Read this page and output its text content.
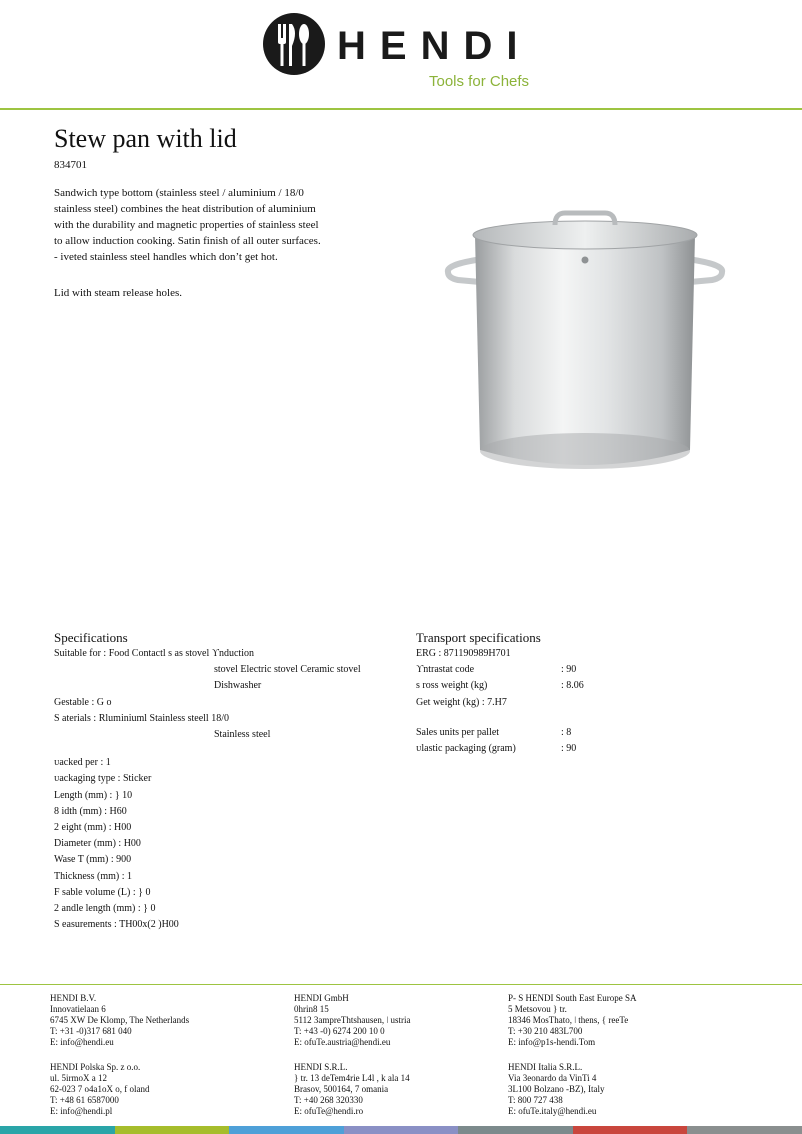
HENDI
Tools for Chefs
Stew pan with lid
834701
Sandwich type bottom (stainless steel / aluminium / 18/0
stainless steel) combines the heat distribution of aluminium
with the durability and magnetic properties of stainless steel
to allow induction cooking. Satin finish of all outer surfaces.
- iveted stainless steel handles which don’t get hot.
Lid with steam release holes.
Specifications
Suitable for : Food Contactl s as stovel ϒnduction
stovel Electric stovel Ceramic stovel
Dishwasher
Gestable : G o
S aterials : Rluminiuml Stainless steell 18/0
Stainless steel
ᴜacked per : 1
ᴜackaging type : Sticker
Length (mm) : } 10
8 idth (mm) : H60
2 eight (mm) : H00
Diameter (mm) : H00
Wase T (mm) : 900
Thickness (mm) : 1
F sable volume (L) : } 0
2 andle length (mm) : } 0
S easurements : TH00x(2 )H00
Transport specifications
ERG : 871190989H701
ϒntrastat code	: 90
s ross weight (kg)	: 8.06
Get weight (kg) : 7.H7
Sales units per pallet	: 8
ᴜlastic packaging (gram)	: 90
HENDI B.V.
Innovatielaan 6
6745 XW De Klomp, The Netherlands
T: +31 -0)317 681 040
E: info@hendi.eu
HENDI GmbH
0hrin8 15
5112 3ampreThtshausen, ǀ ustria
T: +43 -0) 6274 200 10 0
E: ofuTe.austria@hendi.eu
P- S HENDI South East Europe SA
5 Metsovou } tr.
18346 MosThato, ǀ thens, { reeTe
T: +30 210 483L700
E: info@p1s-hendi.Tom
HENDI Polska Sp. z o.o.
ul. 5irmoX a 12
62-023 7 o4a1oX o, f oland
T: +48 61 6587000
E: info@hendi.pl
HENDI S.R.L.
} tr. 13 deTem4rie L4l , k ala 14
Brasov, 500164, 7 omania
T: +40 268 320330
E: ofuTe@hendi.ro
HENDI Italia S.R.L.
Via 3eonardo da VinTi 4
3L100 Bolzano -BZ), Italy
T: 800 727 438
E: ofuTe.italy@hendi.eu
